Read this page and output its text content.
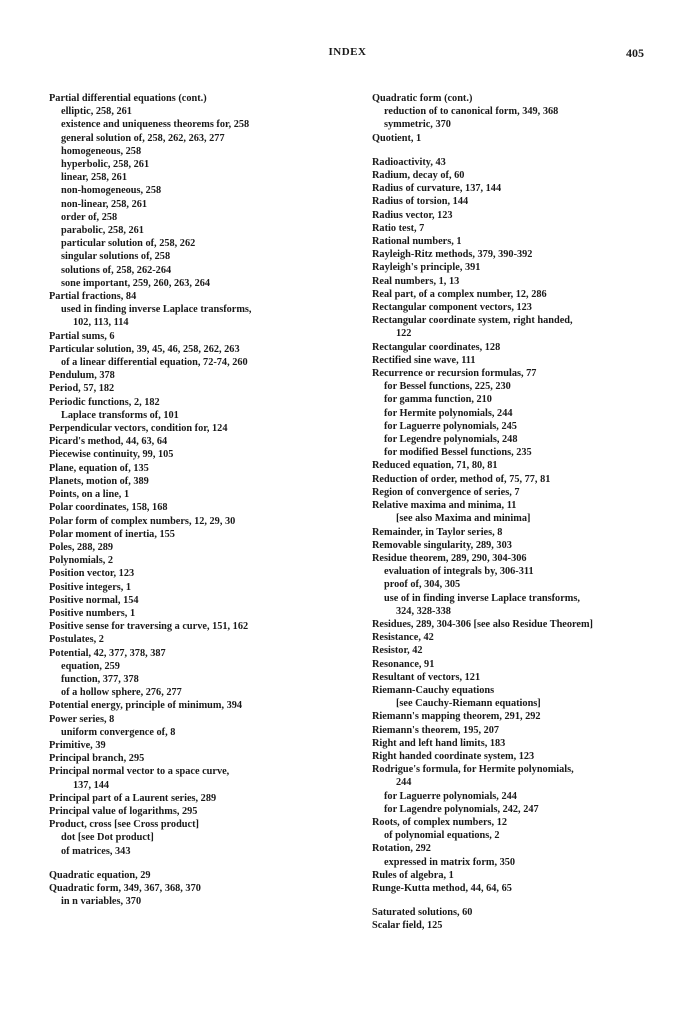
INDEX	405
Partial differential equations (cont.)
elliptic, 258, 261
existence and uniqueness theorems for, 258
general solution of, 258, 262, 263, 277
homogeneous, 258
hyperbolic, 258, 261
linear, 258, 261
non-homogeneous, 258
non-linear, 258, 261
order of, 258
parabolic, 258, 261
particular solution of, 258, 262
singular solutions of, 258
solutions of, 258, 262-264
sone important, 259, 260, 263, 264
Partial fractions, 84
used in finding inverse Laplace transforms,
102, 113, 114
Partial sums, 6
Particular solution, 39, 45, 46, 258, 262, 263
of a linear differential equation, 72-74, 260
Pendulum, 378
Period, 57, 182
Periodic functions, 2, 182
Laplace transforms of, 101
Perpendicular vectors, condition for, 124
Picard's method, 44, 63, 64
Piecewise continuity, 99, 105
Plane, equation of, 135
Planets, motion of, 389
Points, on a line, 1
Polar coordinates, 158, 168
Polar form of complex numbers, 12, 29, 30
Polar moment of inertia, 155
Poles, 288, 289
Polynomials, 2
Position vector, 123
Positive integers, 1
Positive normal, 154
Positive numbers, 1
Positive sense for traversing a curve, 151, 162
Postulates, 2
Potential, 42, 377, 378, 387
equation, 259
function, 377, 378
of a hollow sphere, 276, 277
Potential energy, principle of minimum, 394
Power series, 8
uniform convergence of, 8
Primitive, 39
Principal branch, 295
Principal normal vector to a space curve,
137, 144
Principal part of a Laurent series, 289
Principal value of logarithms, 295
Product, cross [see Cross product]
dot [see Dot product]
of matrices, 343
Quadratic equation, 29
Quadratic form, 349, 367, 368, 370
in n variables, 370
Quadratic form (cont.)
reduction of to canonical form, 349, 368
symmetric, 370
Quotient, 1
Radioactivity, 43
Radium, decay of, 60
Radius of curvature, 137, 144
Radius of torsion, 144
Radius vector, 123
Ratio test, 7
Rational numbers, 1
Rayleigh-Ritz methods, 379, 390-392
Rayleigh's principle, 391
Real numbers, 1, 13
Real part, of a complex number, 12, 286
Rectangular component vectors, 123
Rectangular coordinate system, right handed,
122
Rectangular coordinates, 128
Rectified sine wave, 111
Recurrence or recursion formulas, 77
for Bessel functions, 225, 230
for gamma function, 210
for Hermite polynomials, 244
for Laguerre polynomials, 245
for Legendre polynomials, 248
for modified Bessel functions, 235
Reduced equation, 71, 80, 81
Reduction of order, method of, 75, 77, 81
Region of convergence of series, 7
Relative maxima and minima, 11
[see also Maxima and minima]
Remainder, in Taylor series, 8
Removable singularity, 289, 303
Residue theorem, 289, 290, 304-306
evaluation of integrals by, 306-311
proof of, 304, 305
use of in finding inverse Laplace transforms,
324, 328-338
Residues, 289, 304-306 [see also Residue Theorem]
Resistance, 42
Resistor, 42
Resonance, 91
Resultant of vectors, 121
Riemann-Cauchy equations
[see Cauchy-Riemann equations]
Riemann's mapping theorem, 291, 292
Riemann's theorem, 195, 207
Right and left hand limits, 183
Right handed coordinate system, 123
Rodrigue's formula, for Hermite polynomials,
244
for Laguerre polynomials, 244
for Lagendre polynomials, 242, 247
Roots, of complex numbers, 12
of polynomial equations, 2
Rotation, 292
expressed in matrix form, 350
Rules of algebra, 1
Runge-Kutta method, 44, 64, 65
Saturated solutions, 60
Scalar field, 125
